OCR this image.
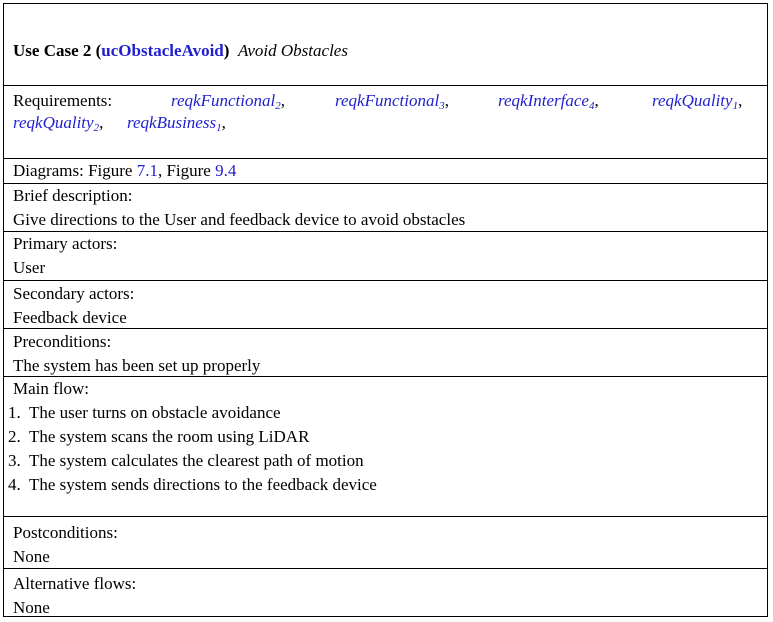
Use Case 2 (ucObstacleAvoid) Avoid Obstacles
Requirements:	reqkFunctional$_2$,	reqkFunctional$_3$,	reqkInterface$_4$,	reqkQuality$_1$,
reqkQuality$_2$, reqkBusiness$_1$,
Diagrams: Figure 7.1, Figure 9.4
Brief description:
Give directions to the User and feedback device to avoid obstacles
Primary actors:
User
Secondary actors:
Feedback device
Preconditions:
The system has been set up properly
Main flow:
1.  The user turns on obstacle avoidance
2.  The system scans the room using LiDAR
3.  The system calculates the clearest path of motion
4.  The system sends directions to the feedback device
Postconditions:
None
Alternative flows:
None
